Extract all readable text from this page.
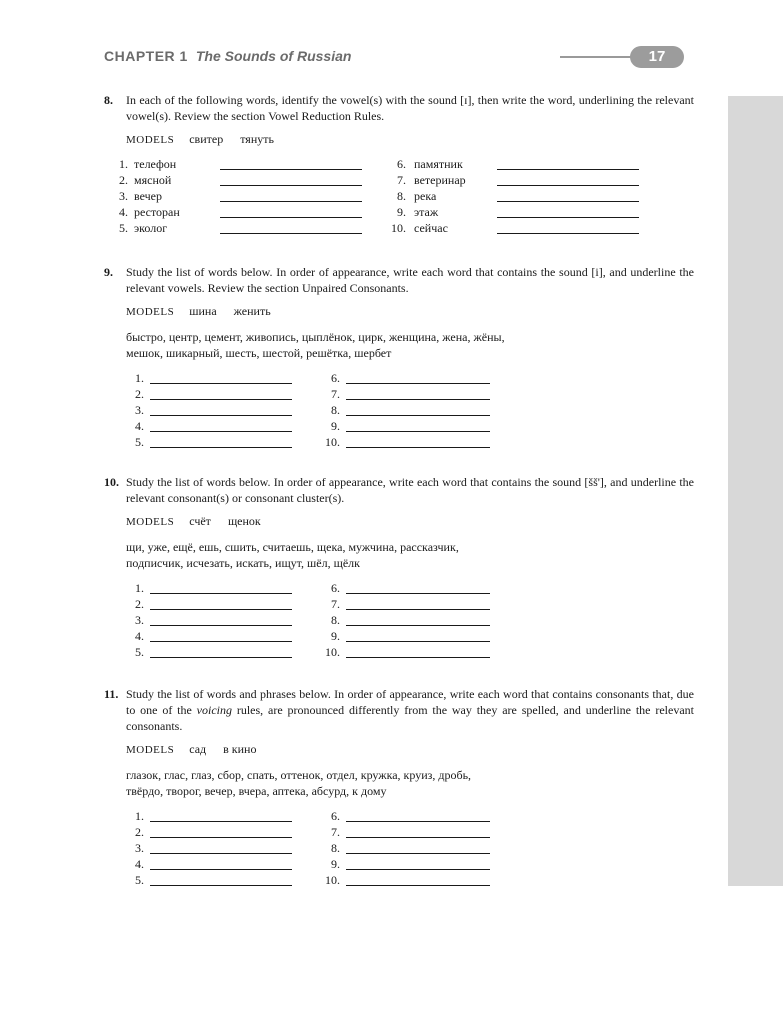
CHAPTER 1 The Sounds of Russian	17
8. In each of the following words, identify the vowel(s) with the sound [ɪ], then write the word, underlining the relevant vowel(s). Review the section Vowel Reduction Rules.
MODELS свитер тянуть
1. телефон	6. памятник
2. мясной	7. ветеринар
3. вечер	8. река
4. ресторан	9. этаж
5. эколог	10. сейчас
9. Study the list of words below. In order of appearance, write each word that contains the sound [i], and underline the relevant vowels. Review the section Unpaired Consonants.
MODELS шина женить
быстро, центр, цемент, живопись, цыплёнок, цирк, женщина, жена, жёны,
мешок, шикарный, шесть, шестой, решётка, шербет
1.	6.
2.	7.
3.	8.
4.	9.
5.	10.
10. Study the list of words below. In order of appearance, write each word that contains the sound [šš'], and underline the relevant consonant(s) or consonant cluster(s).
MODELS счёт щенок
щи, уже, ещё, ешь, сшить, считаешь, щека, мужчина, рассказчик,
подписчик, исчезать, искать, ищут, шёл, щёлк
1.	6.
2.	7.
3.	8.
4.	9.
5.	10.
11. Study the list of words and phrases below. In order of appearance, write each word that contains consonants that, due to one of the voicing rules, are pronounced differently from the way they are spelled, and underline the relevant consonants.
MODELS сад в кино
глазок, глаc, глаз, сбор, спать, оттенок, отдел, кружка, круиз, дробь,
твёрдо, творог, вечер, вчера, аптека, абсурд, к дому
1.	6.
2.	7.
3.	8.
4.	9.
5.	10.
